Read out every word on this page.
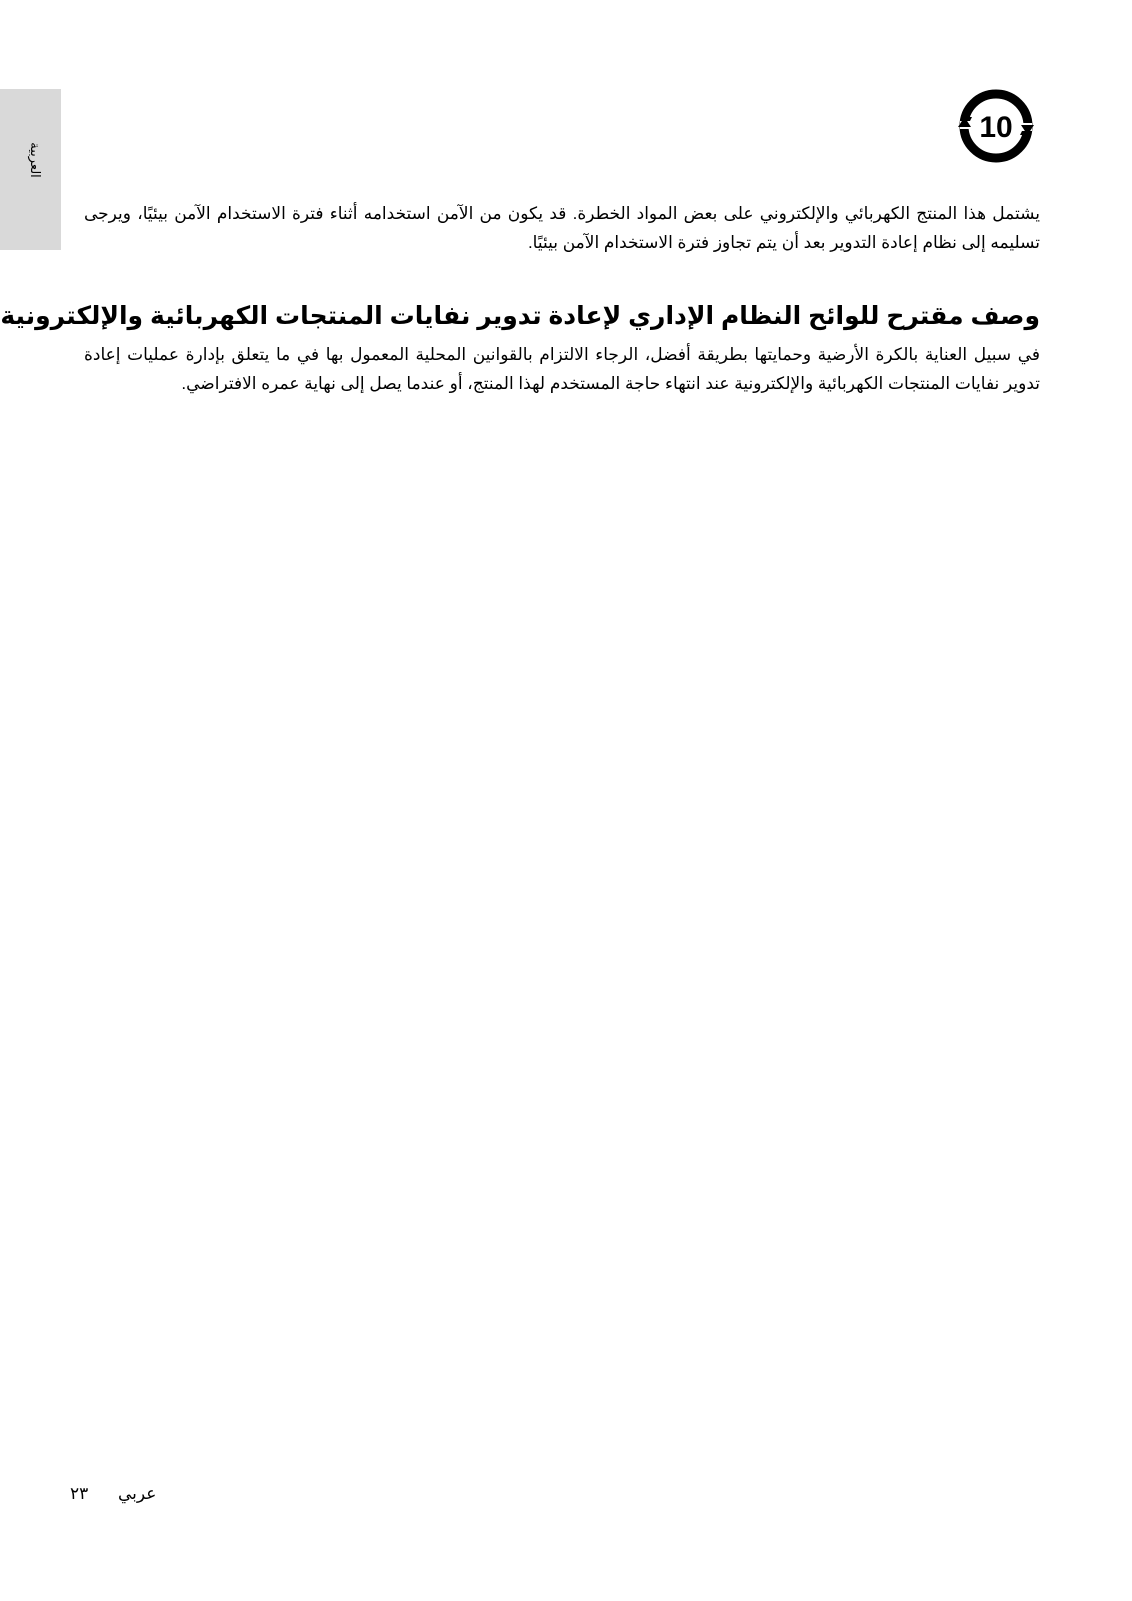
العربية
10
يشتمل هذا المنتج الكهربائي والإلكتروني على بعض المواد الخطرة. قد يكون من الآمن استخدامه أثناء فترة الاستخدام الآمن بيئيًا، ويرجى تسليمه إلى نظام إعادة التدوير بعد أن يتم تجاوز فترة الاستخدام الآمن بيئيًا.
وصف مقترح للوائح النظام الإداري لإعادة تدوير نفايات المنتجات الكهربائية والإلكترونية
في سبيل العناية بالكرة الأرضية وحمايتها بطريقة أفضل، الرجاء الالتزام بالقوانين المحلية المعمول بها في ما يتعلق بإدارة عمليات إعادة تدوير نفايات المنتجات الكهربائية والإلكترونية عند انتهاء حاجة المستخدم لهذا المنتج، أو عندما يصل إلى نهاية عمره الافتراضي.
٢٣ عربي
